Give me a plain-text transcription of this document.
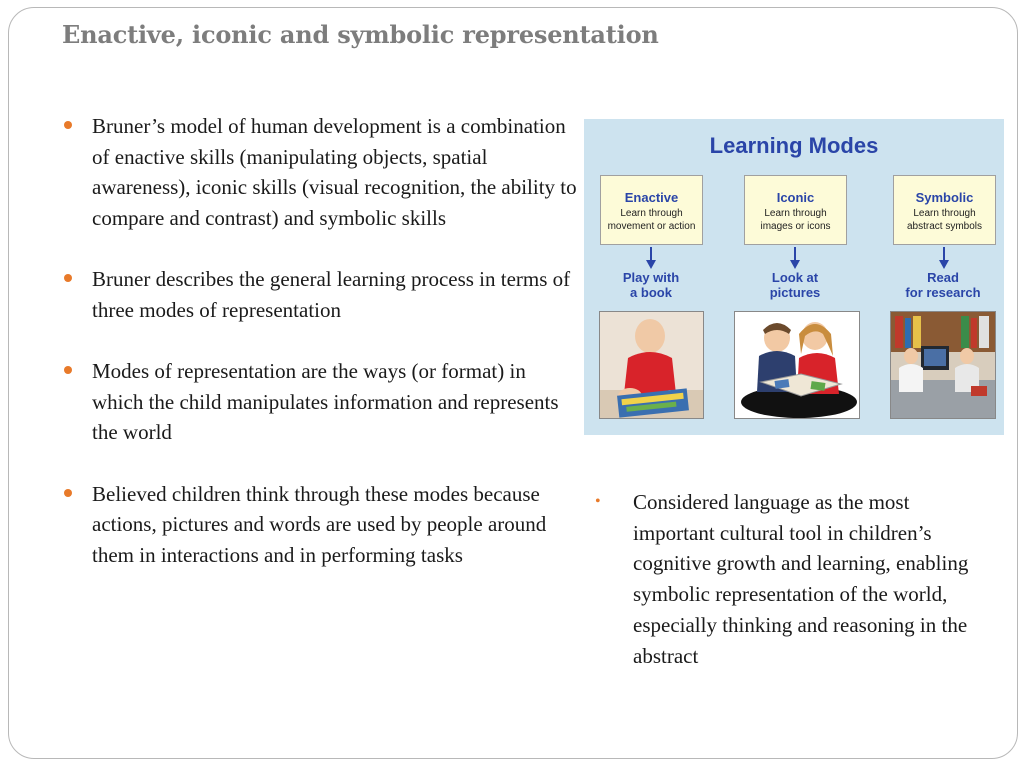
Enactive, iconic and symbolic representation
Bruner’s model of human development is a combination of enactive skills (manipulating objects, spatial awareness), iconic skills (visual recognition, the ability to compare and contrast) and symbolic skills
Bruner describes the general learning process in terms of three modes of representation
Modes of representation are the ways (or format) in which the child manipulates information and represents the world
Believed children think through these modes because actions, pictures and words are used by people around them in interactions and in performing tasks
Learning Modes
Enactive
Learn through
movement or action
Play with
a book
Iconic
Learn through
images or icons
Look at
pictures
Symbolic
Learn through
abstract symbols
Read
for research
• Considered language as the most important cultural tool in children’s cognitive growth and learning, enabling symbolic representation of the world, especially thinking and reasoning in the abstract
